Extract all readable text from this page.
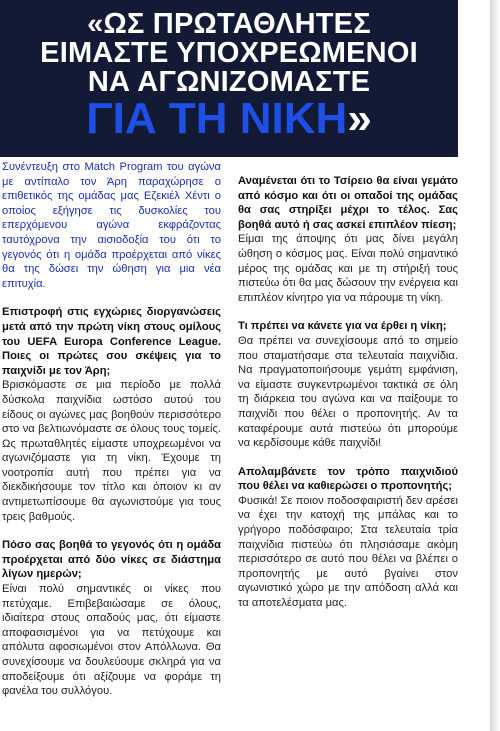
«ΩΣ ΠΡΩΤΑΘΛΗΤΕΣ
ΕΙΜΑΣΤΕ ΥΠΟΧΡΕΩΜΕΝΟΙ
ΝΑ ΑΓΩΝΙΖΟΜΑΣΤΕ
ΓΙΑ ΤΗ ΝΙΚΗ»

Συνέντευξη στο Match Program του αγώνα με αντίπαλο τον Άρη παραχώρησε ο επιθετικός της ομάδας μας Εζεκιέλ Χέντι ο οποίος εξήγησε τις δυσκολίες του επερχόμενου αγώνα εκφράζοντας ταυτόχρονα την αισιοδοξία του ότι το γεγονός ότι η ομάδα προέρχεται από νίκες θα της δώσει την ώθηση για μια νέα επιτυχία.

Επιστροφή στις εγχώριες διοργανώσεις μετά από την πρώτη νίκη στους ομίλους του UEFA Europa Conference League. Ποιες οι πρώτες σου σκέψεις για το παιχνίδι με τον Άρη;

Βρισκόμαστε σε μια περίοδο με πολλά δύσκολα παιχνίδια ωστόσο αυτού του είδους οι αγώνες μας βοηθούν περισσότερο στο να βελτιωνόμαστε σε όλους τους τομείς. Ως πρωταθλητές είμαστε υποχρεωμένοι να αγωνιζόμαστε για τη νίκη. Έχουμε τη νοοτροπία αυτή που πρέπει για να διεκδικήσουμε τον τίτλο και όποιον κι αν αντιμετωπίσουμε θα αγωνιστούμε για τους τρεις βαθμούς.

Πόσο σας βοηθά το γεγονός ότι η ομάδα προέρχεται από δύο νίκες σε διάστημα λίγων ημερών;

Είναι πολύ σημαντικές οι νίκες που πετύχαμε. Επιβεβαιώσαμε σε όλους, ιδιαίτερα στους οπαδούς μας, ότι είμαστε αποφασισμένοι για να πετύχουμε και απόλυτα αφοσιωμένοι στον Απόλλωνα. Θα συνεχίσουμε να δουλεύουμε σκληρά για να αποδείξουμε ότι αξίζουμε να φοράμε τη φανέλα του συλλόγου.

Αναμένεται ότι το Τσίρειο θα είναι γεμάτο από κόσμο και ότι οι οπαδοί της ομάδας θα σας στηρίξει μέχρι το τέλος. Σας βοηθά αυτό ή σας ασκεί επιπλέον πίεση;

Είμαι της άποψης ότι μας δίνει μεγάλη ώθηση ο κόσμος μας. Είναι πολύ σημαντικό μέρος της ομάδας και με τη στήριξή τους πιστεύω ότι θα μας δώσουν την ενέργεια και επιπλέον κίνητρο για να πάρουμε τη νίκη.

Τι πρέπει να κάνετε για να έρθει η νίκη;

Θα πρέπει να συνεχίσουμε από το σημείο που σταματήσαμε στα τελευταία παιχνίδια. Να πραγματοποιήσουμε γεμάτη εμφάνιση, να είμαστε συγκεντρωμένοι τακτικά σε όλη τη διάρκεια του αγώνα και να παίξουμε το παιχνίδι που θέλει ο προπονητής. Αν τα καταφέρουμε αυτά πιστεύω ότι μπορούμε να κερδίσουμε κάθε παιχνίδι!

Απολαμβάνετε τον τρόπο παιχνιδιού που θέλει να καθιερώσει ο προπονητής;

Φυσικά! Σε ποιον ποδοσφαιριστή δεν αρέσει να έχει την κατοχή της μπάλας και το γρήγορο ποδόσφαιρο; Στα τελευταία τρία παιχνίδια πιστεύω ότι πλησιάσαμε ακόμη περισσότερο σε αυτό που θέλει να βλέπει ο προπονητής με αυτό βγαίνει στον αγωνιστικό χώρο με την απόδοση αλλά και τα αποτελέσματα μας.
